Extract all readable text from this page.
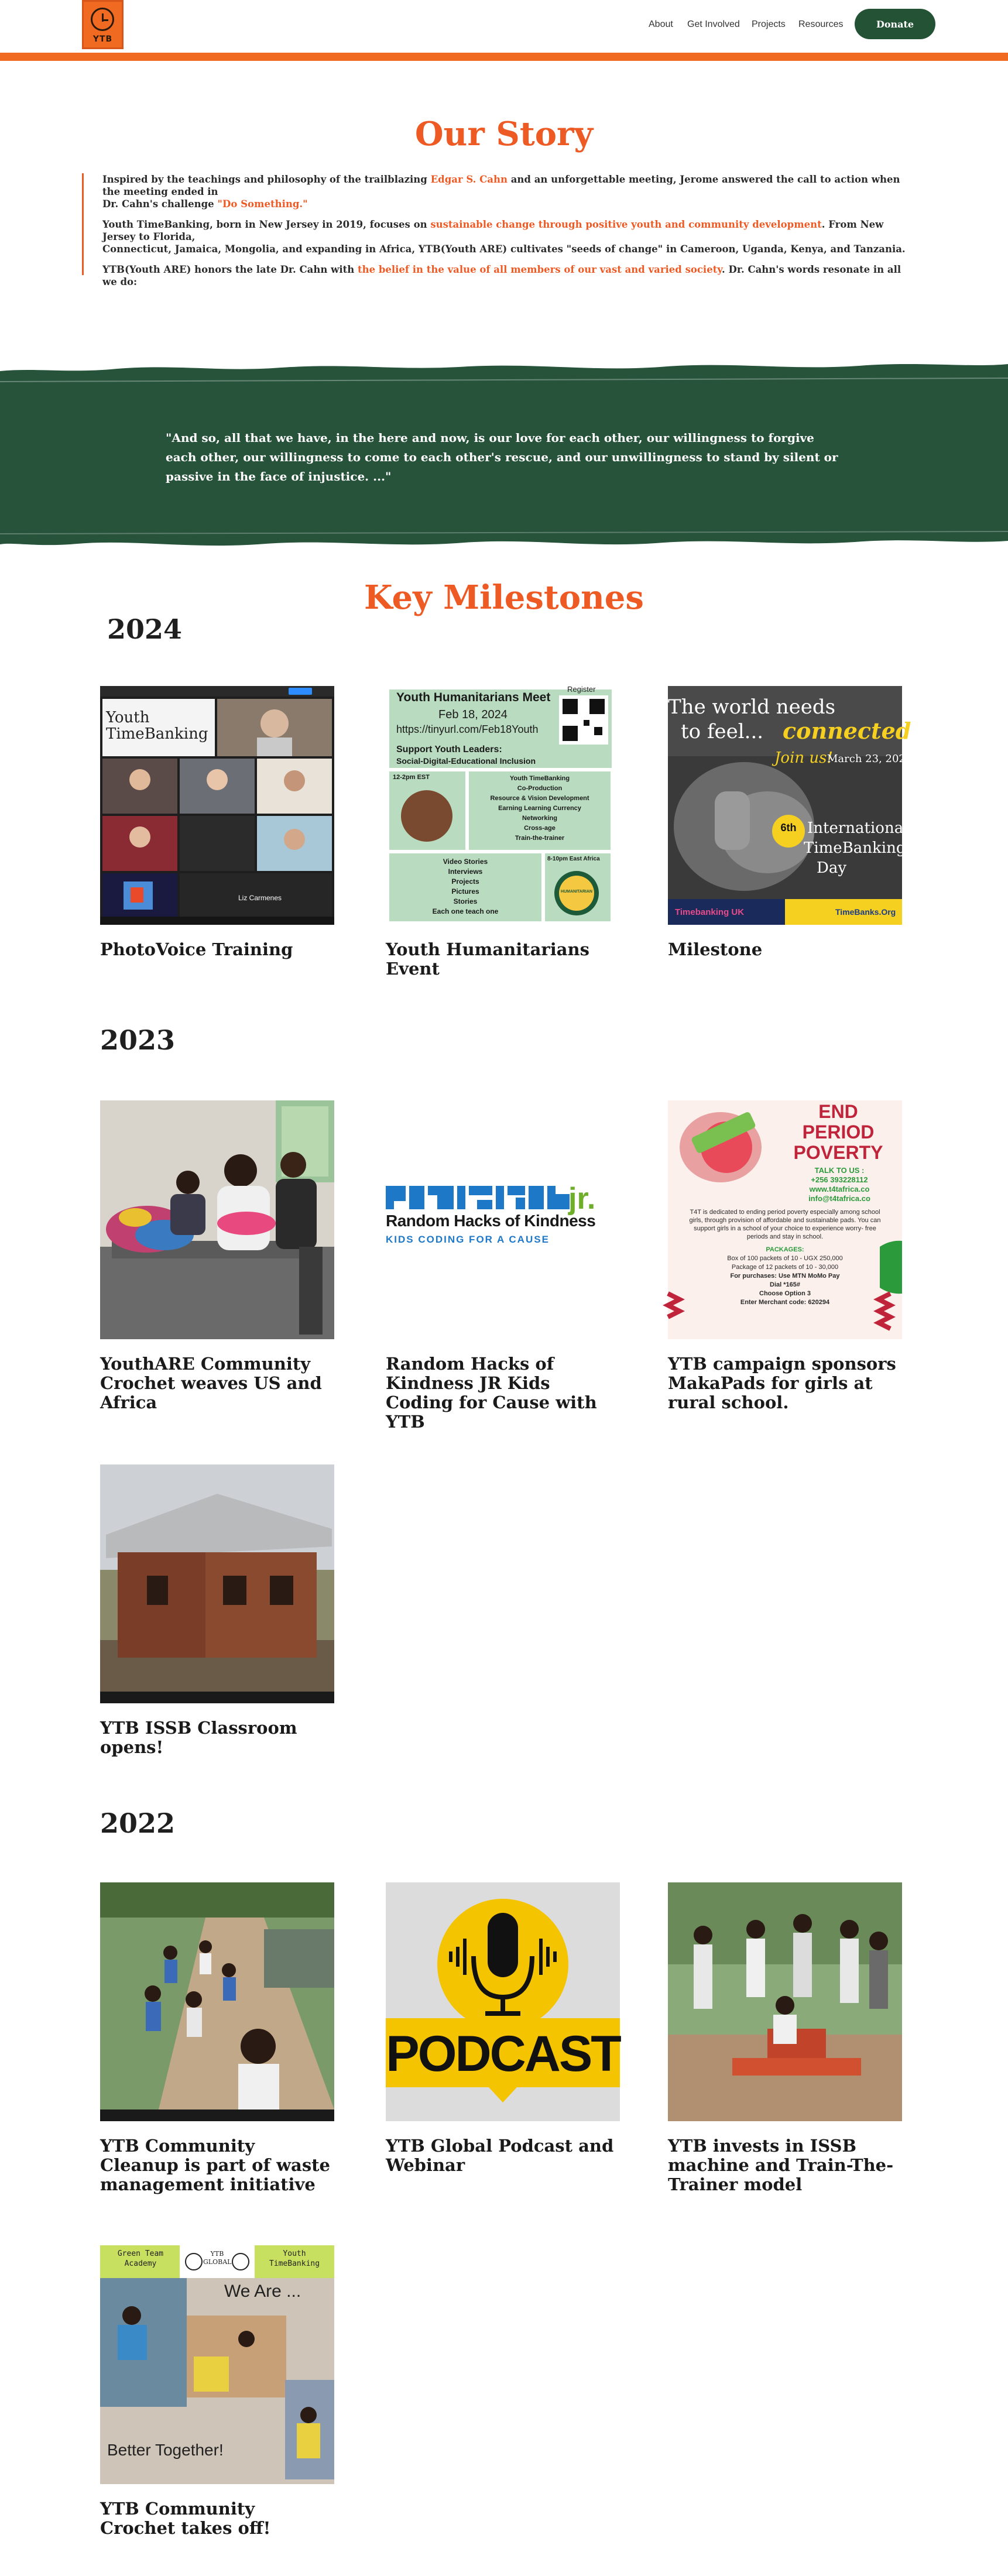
YTB
About Get Involved Projects Resources	Donate
Our Story

Inspired by the teachings and philosophy of the trailblazing Edgar S. Cahn and an unforgettable meeting, Jerome answered the call to action when the meeting ended in
Dr. Cahn's challenge "Do Something."

Youth TimeBanking, born in New Jersey in 2019, focuses on sustainable change through positive youth and community development. From New Jersey to Florida,
Connecticut, Jamaica, Mongolia, and expanding in Africa, YTB(Youth ARE) cultivates "seeds of change" in Cameroon, Uganda, Kenya, and Tanzania.

YTB(Youth ARE) honors the late Dr. Cahn with the belief in the value of all members of our vast and varied society. Dr. Cahn's words resonate in all we do:

"And so, all that we have, in the here and now, is our love for each other, our willingness to forgive each other, our willingness to come to each other's rescue, and our unwillingness to stand by silent or passive in the face of injustice. ..."
Key Milestones
2024
Youth TimeBanking
Liz Carmenes
PhotoVoice Training
Register
Youth Humanitarians Meet
Feb 18, 2024
https://tinyurl.com/Feb18Youth
Support Youth Leaders:
Social-Digital-Educational Inclusion
12-2pm EST	Youth TimeBanking
Co-Production
Resource & Vision Development
Earning Learning Currency
Networking
Cross-age
Train-the-trainer
Video Stories
Interviews
Projects
Pictures
Stories
Each one teach one
8-10pm East Africa
HUMANITARIAN
Youth Humanitarians Event
The world needs
to feel... connected
Join us!
March 23, 2024
6th International
TimeBanking
Day
Timebanking UK	TimeBanks.Org
Milestone
2023
YouthARE Community Crochet weaves US and Africa
jr.
Random Hacks of Kindness
KIDS CODING FOR A CAUSE
Random Hacks of Kindness JR Kids Coding for Cause with YTB
END
PERIOD
POVERTY
TALK TO US :
+256 393228112
www.t4tafrica.co
info@t4tafrica.co
T4T is dedicated to ending period poverty especially among school girls, through provision of affordable and sustainable pads. You can support girls in a school of your choice to experience worry- free periods and stay in school.
PACKAGES:
Box of 100 packets of 10 - UGX 250,000
Package of 12 packets of 10 - 30,000
For purchases: Use MTN MoMo Pay
Dial *165#
Choose Option 3
Enter Merchant code: 620294
YTB campaign sponsors MakaPads for girls at rural school.
YTB ISSB Classroom opens!
2022
YTB Community Cleanup is part of waste management initiative
PODCAST
YTB Global Podcast and Webinar
YTB invests in ISSB machine and Train-The-Trainer model
Green Team Academy
YTB GLOBAL
Youth TimeBanking
We Are ...
Better Together!
YTB Community Crochet takes off!
